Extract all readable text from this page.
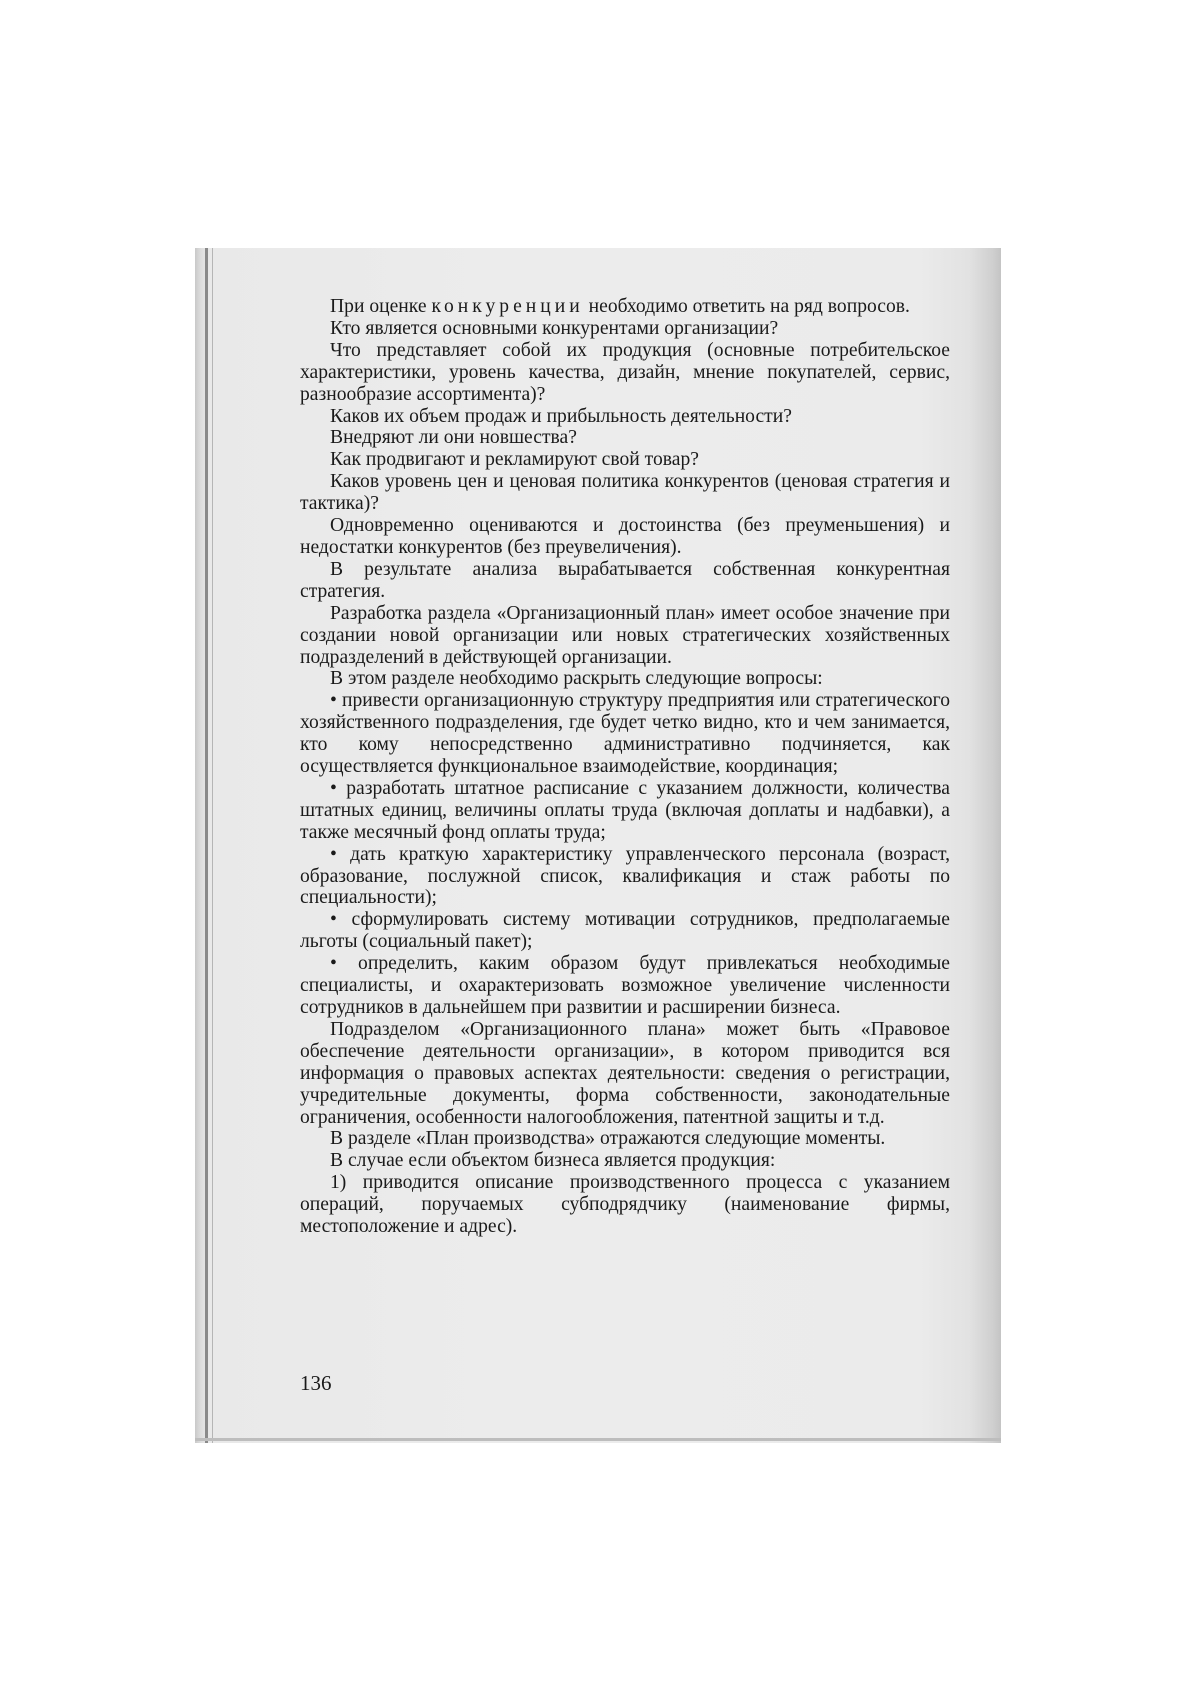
При оценке конкуренции необходимо ответить на ряд вопросов.

Кто является основными конкурентами организации?

Что представляет собой их продукция (основные потребительское характеристики, уровень качества, дизайн, мнение покупателей, сервис, разнообразие ассортимента)?

Каков их объем продаж и прибыльность деятельности?

Внедряют ли они новшества?

Как продвигают и рекламируют свой товар?

Каков уровень цен и ценовая политика конкурентов (ценовая стратегия и тактика)?

Одновременно оцениваются и достоинства (без преуменьшения) и недостатки конкурентов (без преувеличения).

В результате анализа вырабатывается собственная конкурентная стратегия.

Разработка раздела «Организационный план» имеет особое значение при создании новой организации или новых стратегических хозяйственных подразделений в действующей организации.

В этом разделе необходимо раскрыть следующие вопросы:

• привести организационную структуру предприятия или стратегического хозяйственного подразделения, где будет четко видно, кто и чем занимается, кто кому непосредственно административно подчиняется, как осуществляется функциональное взаимодействие, координация;

• разработать штатное расписание с указанием должности, количества штатных единиц, величины оплаты труда (включая доплаты и надбавки), а также месячный фонд оплаты труда;

• дать краткую характеристику управленческого персонала (возраст, образование, послужной список, квалификация и стаж работы по специальности);

• сформулировать систему мотивации сотрудников, предполагаемые льготы (социальный пакет);

• определить, каким образом будут привлекаться необходимые специалисты, и охарактеризовать возможное увеличение численности сотрудников в дальнейшем при развитии и расширении бизнеса.

Подразделом «Организационного плана» может быть «Правовое обеспечение деятельности организации», в котором приводится вся информация о правовых аспектах деятельности: сведения о регистрации, учредительные документы, форма собственности, законодательные ограничения, особенности налогообложения, патентной защиты и т.д.

В разделе «План производства» отражаются следующие моменты.

В случае если объектом бизнеса является продукция:

1) приводится описание производственного процесса с указанием операций, поручаемых субподрядчику (наименование фирмы, местоположение и адрес).

136
